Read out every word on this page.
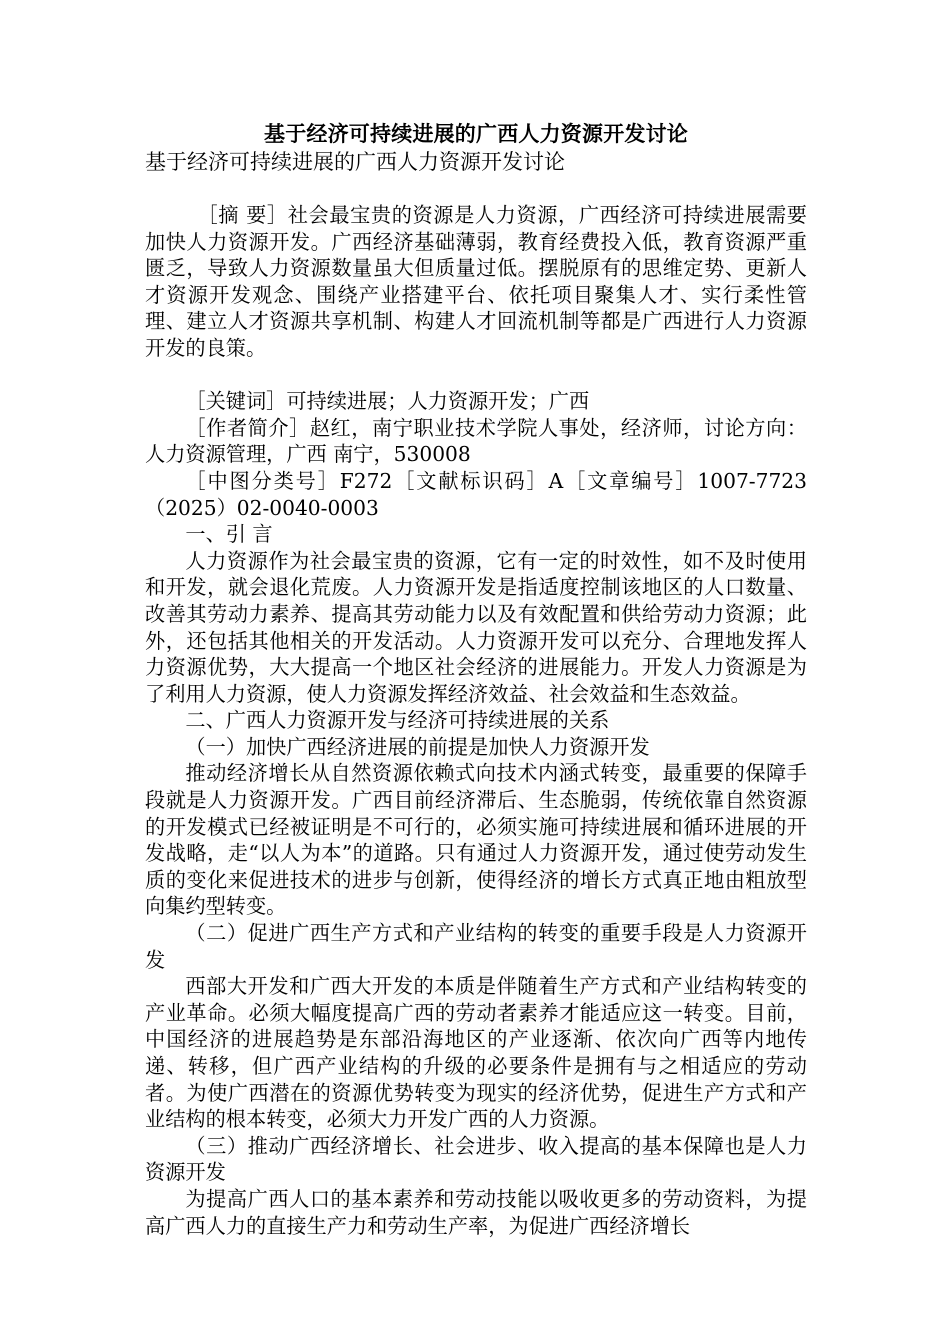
基于经济可持续进展的广西人力资源开发讨论

基于经济可持续进展的广西人力资源开发讨论

［摘 要］社会最宝贵的资源是人力资源，广西经济可持续进展需要加快人力资源开发。广西经济基础薄弱，教育经费投入低，教育资源严重匮乏，导致人力资源数量虽大但质量过低。摆脱原有的思维定势、更新人才资源开发观念、围绕产业搭建平台、依托项目聚集人才、实行柔性管理、建立人才资源共享机制、构建人才回流机制等都是广西进行人力资源开发的良策。

［关键词］可持续进展；人力资源开发；广西

［作者简介］赵红，南宁职业技术学院人事处，经济师，讨论方向：人力资源管理，广西 南宁，530008

［中图分类号］F272［文献标识码］A［文章编号］1007-7723（2025）02-0040-0003

一、引 言

人力资源作为社会最宝贵的资源，它有一定的时效性，如不及时使用和开发，就会退化荒废。人力资源开发是指适度控制该地区的人口数量、改善其劳动力素养、提高其劳动能力以及有效配置和供给劳动力资源；此外，还包括其他相关的开发活动。人力资源开发可以充分、合理地发挥人力资源优势，大大提高一个地区社会经济的进展能力。开发人力资源是为了利用人力资源，使人力资源发挥经济效益、社会效益和生态效益。

二、广西人力资源开发与经济可持续进展的关系

（一）加快广西经济进展的前提是加快人力资源开发

推动经济增长从自然资源依赖式向技术内涵式转变，最重要的保障手段就是人力资源开发。广西目前经济滞后、生态脆弱，传统依靠自然资源的开发模式已经被证明是不可行的，必须实施可持续进展和循环进展的开发战略，走“以人为本”的道路。只有通过人力资源开发，通过使劳动发生质的变化来促进技术的进步与创新，使得经济的增长方式真正地由粗放型向集约型转变。

（二）促进广西生产方式和产业结构的转变的重要手段是人力资源开发

西部大开发和广西大开发的本质是伴随着生产方式和产业结构转变的产业革命。必须大幅度提高广西的劳动者素养才能适应这一转变。目前，中国经济的进展趋势是东部沿海地区的产业逐渐、依次向广西等内地传递、转移，但广西产业结构的升级的必要条件是拥有与之相适应的劳动者。为使广西潜在的资源优势转变为现实的经济优势，促进生产方式和产业结构的根本转变，必须大力开发广西的人力资源。

（三）推动广西经济增长、社会进步、收入提高的基本保障也是人力资源开发

为提高广西人口的基本素养和劳动技能以吸收更多的劳动资料，为提高广西人力的直接生产力和劳动生产率，为促进广西经济增长
